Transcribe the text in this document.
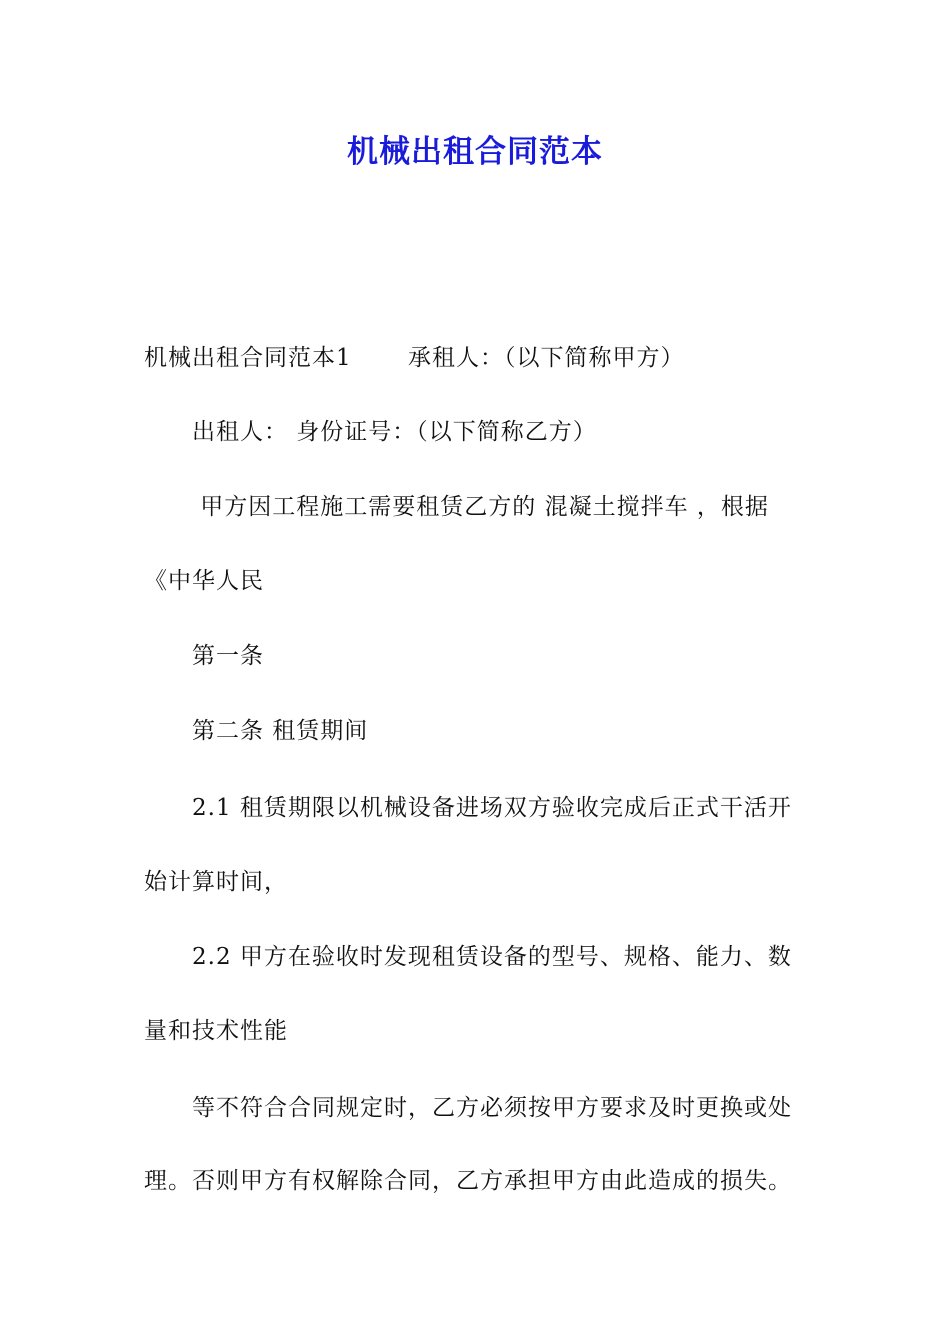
机械出租合同范本
机械出租合同范本1　　 承租人：（以下简称甲方）
出租人： 身份证号：（以下简称乙方）
甲方因工程施工需要租赁乙方的 混凝土搅拌车 ，根据
《中华人民
第一条
第二条 租赁期间
2.1 租赁期限以机械设备进场双方验收完成后正式干活开
始计算时间，
2.2 甲方在验收时发现租赁设备的型号、规格、能力、数
量和技术性能
等不符合合同规定时，乙方必须按甲方要求及时更换或处
理。否则甲方有权解除合同，乙方承担甲方由此造成的损失。
